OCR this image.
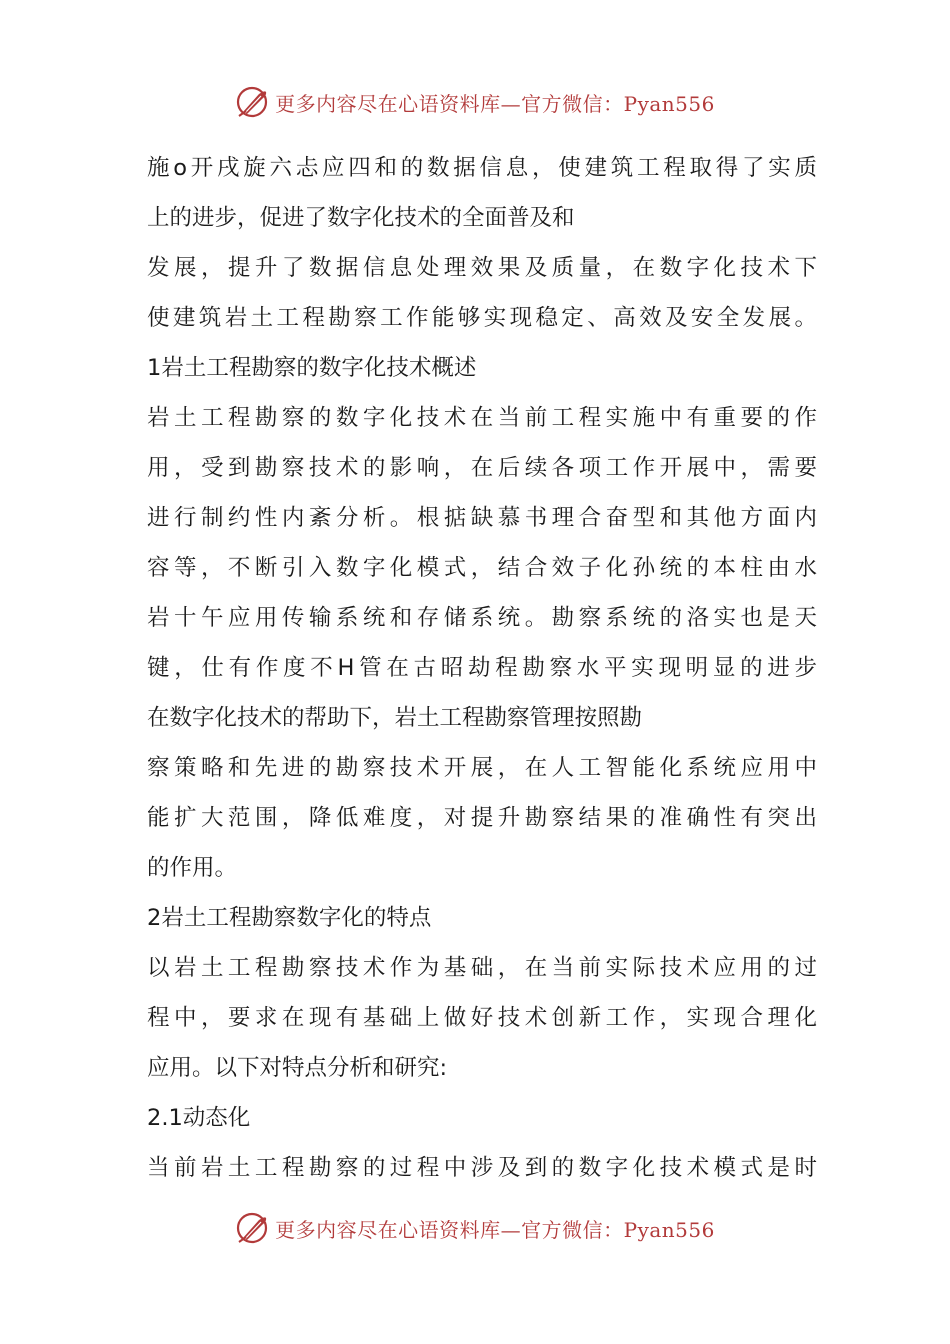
更多内容尽在心语资料库—官方微信：Pyan556
施o开戌旋六忐应四和的数据信息，使建筑工程取得了实质
上的进步，促进了数字化技术的全面普及和
发展，提升了数据信息处理效果及质量，在数字化技术下
使建筑岩土工程勘察工作能够实现稳定、高效及安全发展。
1岩土工程勘察的数字化技术概述
岩土工程勘察的数字化技术在当前工程实施中有重要的作
用，受到勘察技术的影响，在后续各项工作开展中，需要
进行制约性内紊分析。根掂缺慕书理合奋型和其他方面内
容等，不断引入数字化模式，结合效子化孙统的本柱由水
岩十午应用传输系统和存储系统。勘察系统的洛实也是天
键，仕有作度不H管在古昭劫程勘察水平实现明显的进步
在数字化技术的帮助下，岩土工程勘察管理按照勘
察策略和先进的勘察技术开展，在人工智能化系统应用中
能扩大范围，降低难度，对提升勘察结果的准确性有突出
的作用。
2岩土工程勘察数字化的特点
以岩土工程勘察技术作为基础，在当前实际技术应用的过
程中，要求在现有基础上做好技术创新工作，实现合理化
应用。以下对特点分析和研究:
2.1动态化
当前岩土工程勘察的过程中涉及到的数字化技术模式是时
更多内容尽在心语资料库—官方微信：Pyan556
